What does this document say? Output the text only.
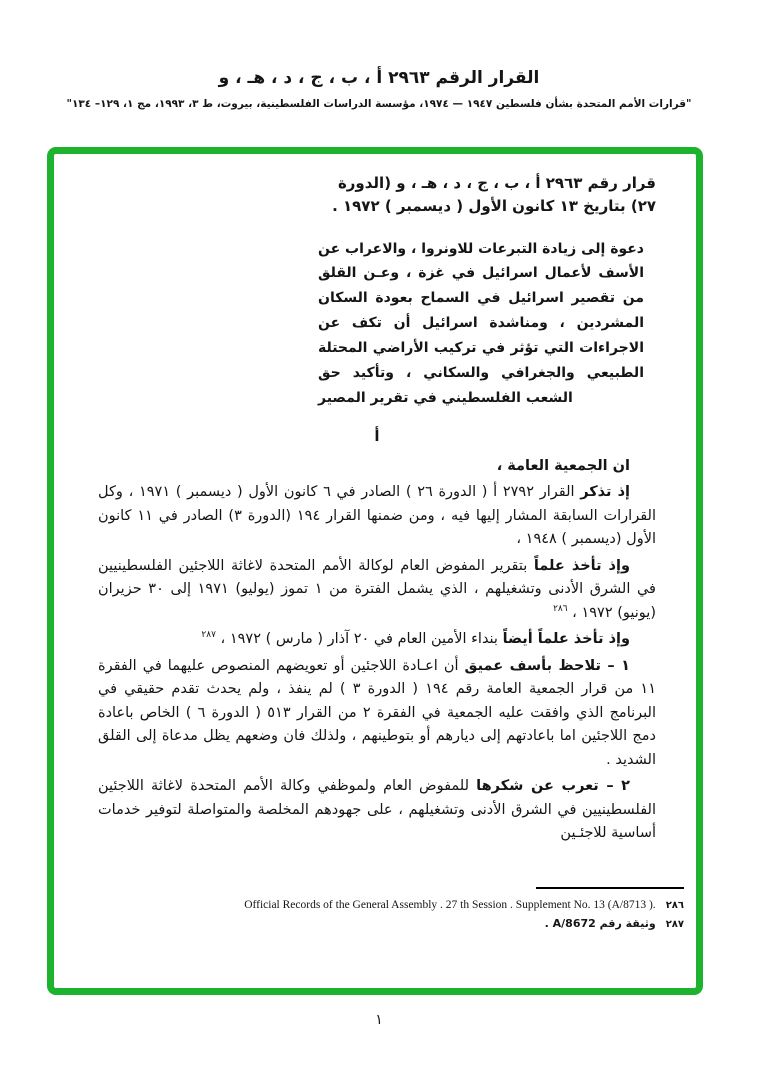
القرار الرقم ٢٩٦٣ أ ، ب ، ج ، د ، هـ ، و
"قرارات الأمم المتحدة بشأن فلسطين ١٩٤٧ — ١٩٧٤، مؤسسة الدراسات الفلسطينية، بيروت، ط ٣، ١٩٩٣، مج ١، ١٢٩– ١٣٤"
قرار رقم ٢٩٦٣ أ ، ب ، ج ، د ، هـ ، و (الدورة ٢٧) بتاريخ ١٣ كانون الأول ( ديسمبر ) ١٩٧٢ .
دعوة إلى زيادة التبرعات للاونروا ، والاعراب عن الأسف لأعمال اسرائيل في غزة ، وعـن القلق من تقصير اسرائيل في السماح بعودة السكان المشردين ، ومناشدة اسرائيل أن تكف عن الاجراءات التي تؤثر في تركيب الأراضي المحتلة الطبيعي والجغرافي والسكاني ، وتأكيد حق الشعب الفلسطيني في تقرير المصير
أ

ان الجمعية العامة ،

إذ تذكر القرار ٢٧٩٢ أ ( الدورة ٢٦ ) الصادر في ٦ كانون الأول ( ديسمبر ) ١٩٧١ ، وكل القرارات السابقة المشار إليها فيه ، ومن ضمنها القرار ١٩٤ (الدورة ٣) الصادر في ١١ كانون الأول (ديسمبر ) ١٩٤٨ ،

وإذ تأخذ علماً بتقرير المفوض العام لوكالة الأمم المتحدة لاغاثة اللاجئين الفلسطينيين في الشرق الأدنى وتشغيلهم ، الذي يشمل الفترة من ١ تموز (يوليو) ١٩٧١ إلى ٣٠ حزيران (يونيو) ١٩٧٢ ، $^{٢٨٦}$

وإذ تأخذ علماً أيضاً بنداء الأمين العام في ٢٠ آذار ( مارس ) ١٩٧٢ ، $^{٢٨٧}$

١ – تلاحظ بأسف عميق أن اعـادة اللاجئين أو تعويضهم المنصوص عليهما في الفقرة ١١ من قرار الجمعية العامة رقم ١٩٤ ( الدورة ٣ ) لم ينفذ ، ولم يحدث تقدم حقيقي في البرنامج الذي وافقت عليه الجمعية في الفقرة ٢ من القرار ٥١٣ ( الدورة ٦ ) الخاص باعادة دمج اللاجئين اما باعادتهم إلى ديارهم أو بتوطينهم ، ولذلك فان وضعهم يظل مدعاة إلى القلق الشديد .

٢ – تعرب عن شكرها للمفوض العام ولموظفي وكالة الأمم المتحدة لاغاثة اللاجئين الفلسطينيين في الشرق الأدنى وتشغيلهم ، على جهودهم المخلصة والمتواصلة لتوفير خدمات أساسية للاجئـين

٢٨٦Official Records of the General Assembly . 27 th Session . Supplement No. 13 (A/8713 ).
٢٨٧وثيقة رقم A/8672 .
١
